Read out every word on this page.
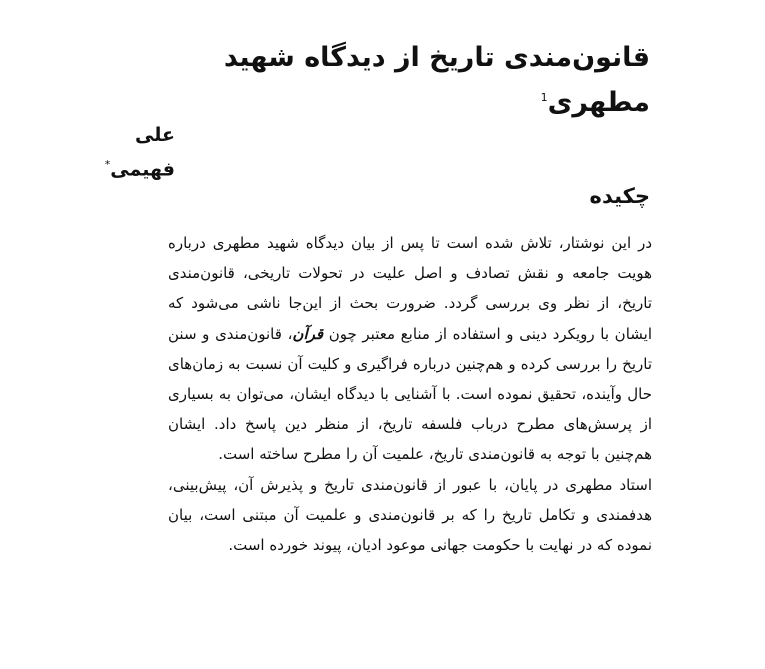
قانون‌مندی تاریخ از دیدگاه شهید مطهری$^1$
علی فهیمی*
چکیده

در این نوشتار، تلاش شده است تا پس از بیان دیدگاه شهید مطهری درباره هویت جامعه و نقش تصادف و اصل علیت در تحولات تاریخی، قانون‌مندی تاریخ، از نظر وی بررسی گردد. ضرورت بحث از این‌جا ناشی می‌شود که ایشان با رویکرد دینی و استفاده از منابع معتبر چون قرآن، قانون‌مندی و سنن تاریخ را بررسی کرده و هم‌چنین درباره فراگیری و کلیت آن نسبت به زمان‌های حال وآینده، تحقیق نموده است. با آشنایی با دیدگاه ایشان، می‌توان به بسیاری از پرسش‌های مطرح درباب فلسفه تاریخ، از منظر دین پاسخ داد. ایشان هم‌چنین با توجه به قانون‌مندی تاریخ، علمیت آن را مطرح ساخته است.

استاد مطهری در پایان، با عبور از قانون‌مندی تاریخ و پذیرش آن، پیش‌بینی، هدفمندی و تکامل تاریخ را که بر قانون‌مندی و علمیت آن مبتنی است، بیان نموده که در نهایت با حکومت جهانی موعود ادیان، پیوند خورده است.
